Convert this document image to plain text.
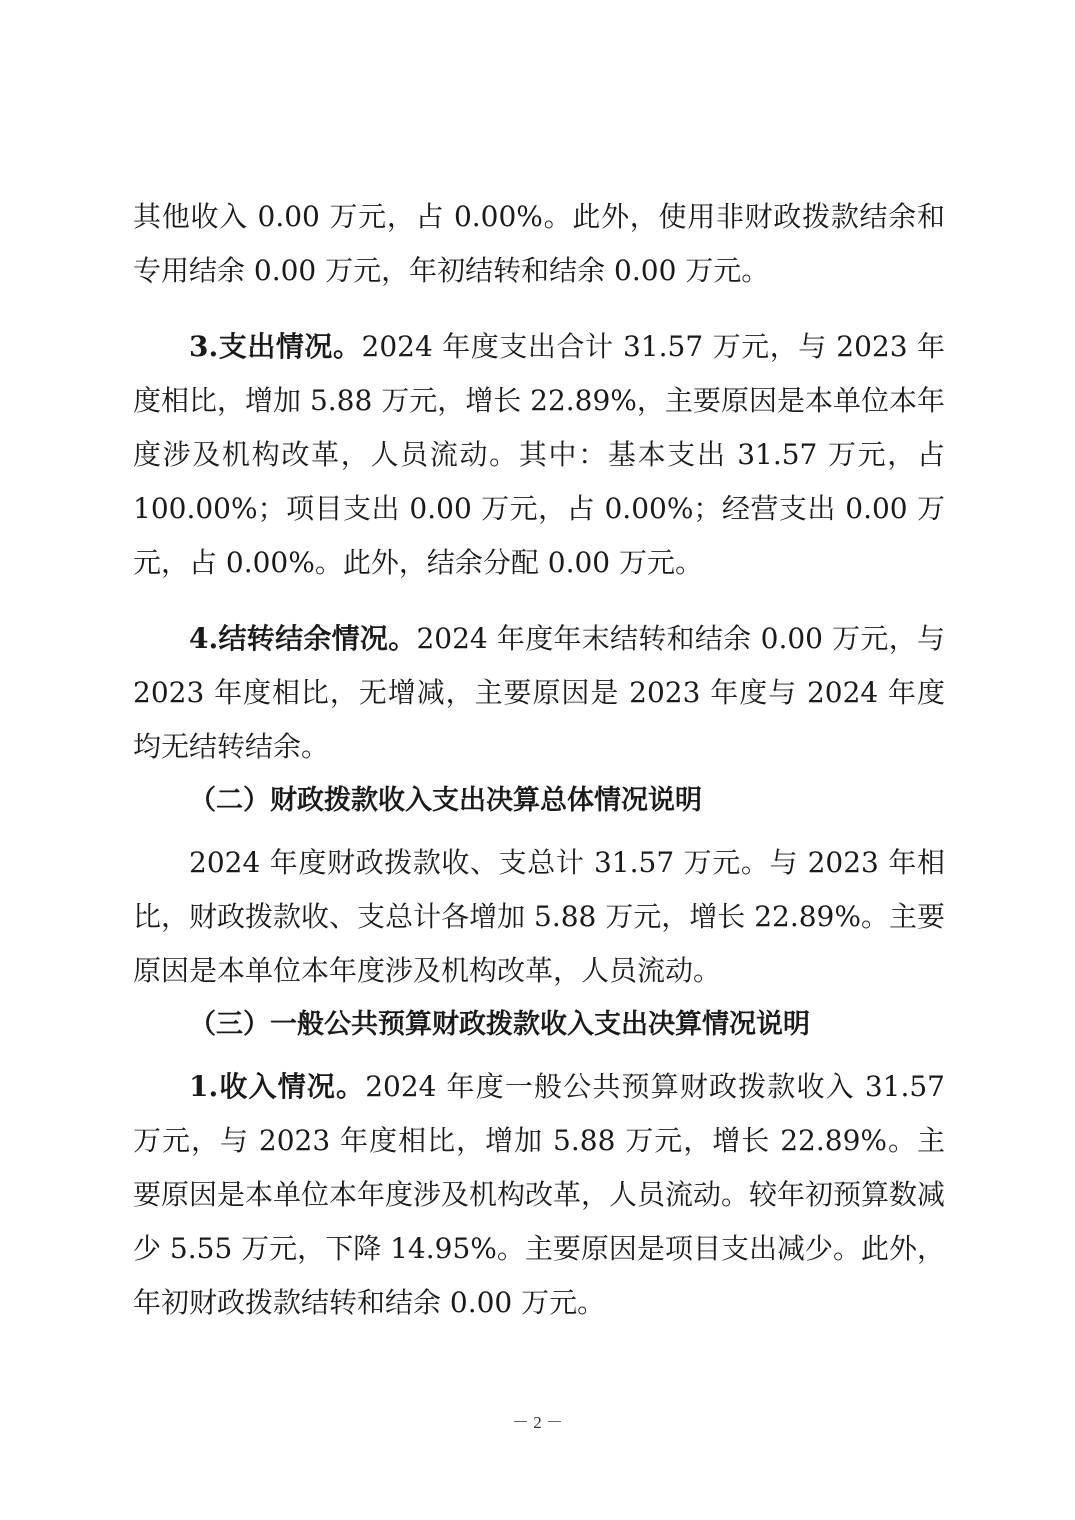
其他收入 0.00 万元，占 0.00%。此外，使用非财政拨款结余和专用结余 0.00 万元，年初结转和结余 0.00 万元。

3.支出情况。2024 年度支出合计 31.57 万元，与 2023 年度相比，增加 5.88 万元，增长 22.89%，主要原因是本单位本年度涉及机构改革，人员流动。其中：基本支出 31.57 万元，占 100.00%；项目支出 0.00 万元，占 0.00%；经营支出 0.00 万元，占 0.00%。此外，结余分配 0.00 万元。

4.结转结余情况。2024 年度年末结转和结余 0.00 万元，与 2023 年度相比，无增减，主要原因是 2023 年度与 2024 年度均无结转结余。

（二）财政拨款收入支出决算总体情况说明

2024 年度财政拨款收、支总计 31.57 万元。与 2023 年相比，财政拨款收、支总计各增加 5.88 万元，增长 22.89%。主要原因是本单位本年度涉及机构改革，人员流动。

（三）一般公共预算财政拨款收入支出决算情况说明

1.收入情况。2024 年度一般公共预算财政拨款收入 31.57 万元，与 2023 年度相比，增加 5.88 万元，增长 22.89%。主要原因是本单位本年度涉及机构改革，人员流动。较年初预算数减少 5.55 万元，下降 14.95%。主要原因是项目支出减少。此外，年初财政拨款结转和结余 0.00 万元。

－ 2 －
